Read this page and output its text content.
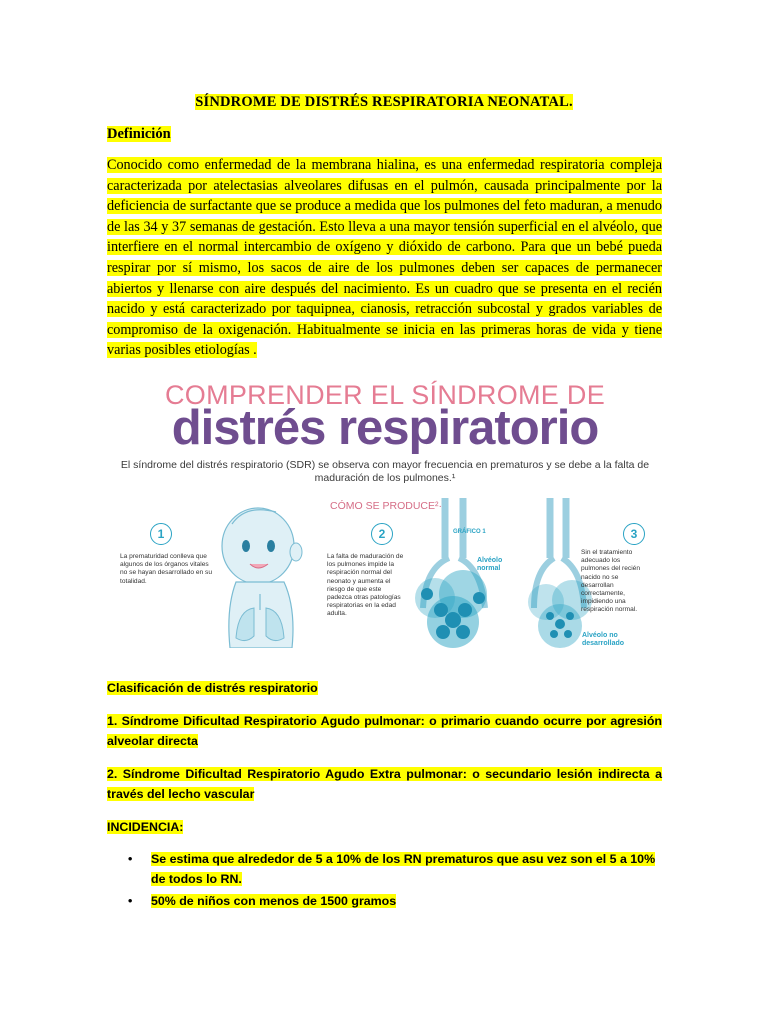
SÍNDROME DE DISTRÉS RESPIRATORIA NEONATAL.
Definición
Conocido como enfermedad de la membrana hialina, es una enfermedad respiratoria compleja caracterizada por atelectasias alveolares difusas en el pulmón, causada principalmente por la deficiencia de surfactante que se produce a medida que los pulmones del feto maduran, a menudo de las 34 y 37 semanas de gestación. Esto lleva a una mayor tensión superficial en el alvéolo, que interfiere en el normal intercambio de oxígeno y dióxido de carbono. Para que un bebé pueda respirar por sí mismo, los sacos de aire de los pulmones deben ser capaces de permanecer abiertos y llenarse con aire después del nacimiento. Es un cuadro que se presenta en el recién nacido y está caracterizado por taquipnea, cianosis, retracción subcostal y grados variables de compromiso de la oxigenación. Habitualmente se inicia en las primeras horas de vida y tiene varias posibles etiologías .
COMPRENDER EL SÍNDROME DE
distrés respiratorio
El síndrome del distrés respiratorio (SDR) se observa con mayor frecuencia en prematuros y se debe a la falta de
maduración de los pulmones.¹
CÓMO SE PRODUCE²·³
1
La prematuridad conlleva que algunos de los órganos vitales no se hayan desarrollado en su totalidad.
2
La falta de maduración de los pulmones impide la respiración normal del neonato y aumenta el riesgo de que este padezca otras patologías respiratorias en la edad adulta.
GRÁFICO 1
Alvéolo normal
3
Sin el tratamiento adecuado los pulmones del recién nacido no se desarrollan correctamente, impidiendo una respiración normal.
Alvéolo no desarrollado
Clasificación de distrés respiratorio
1. Síndrome Dificultad Respiratorio Agudo pulmonar: o primario cuando ocurre por agresión alveolar directa
2. Síndrome Dificultad Respiratorio Agudo Extra pulmonar: o secundario lesión indirecta a través del lecho vascular
INCIDENCIA:
• Se estima que alrededor de 5 a 10% de los RN prematuros que asu vez son el 5 a 10% de todos lo RN.
• 50% de niños con menos de 1500 gramos
